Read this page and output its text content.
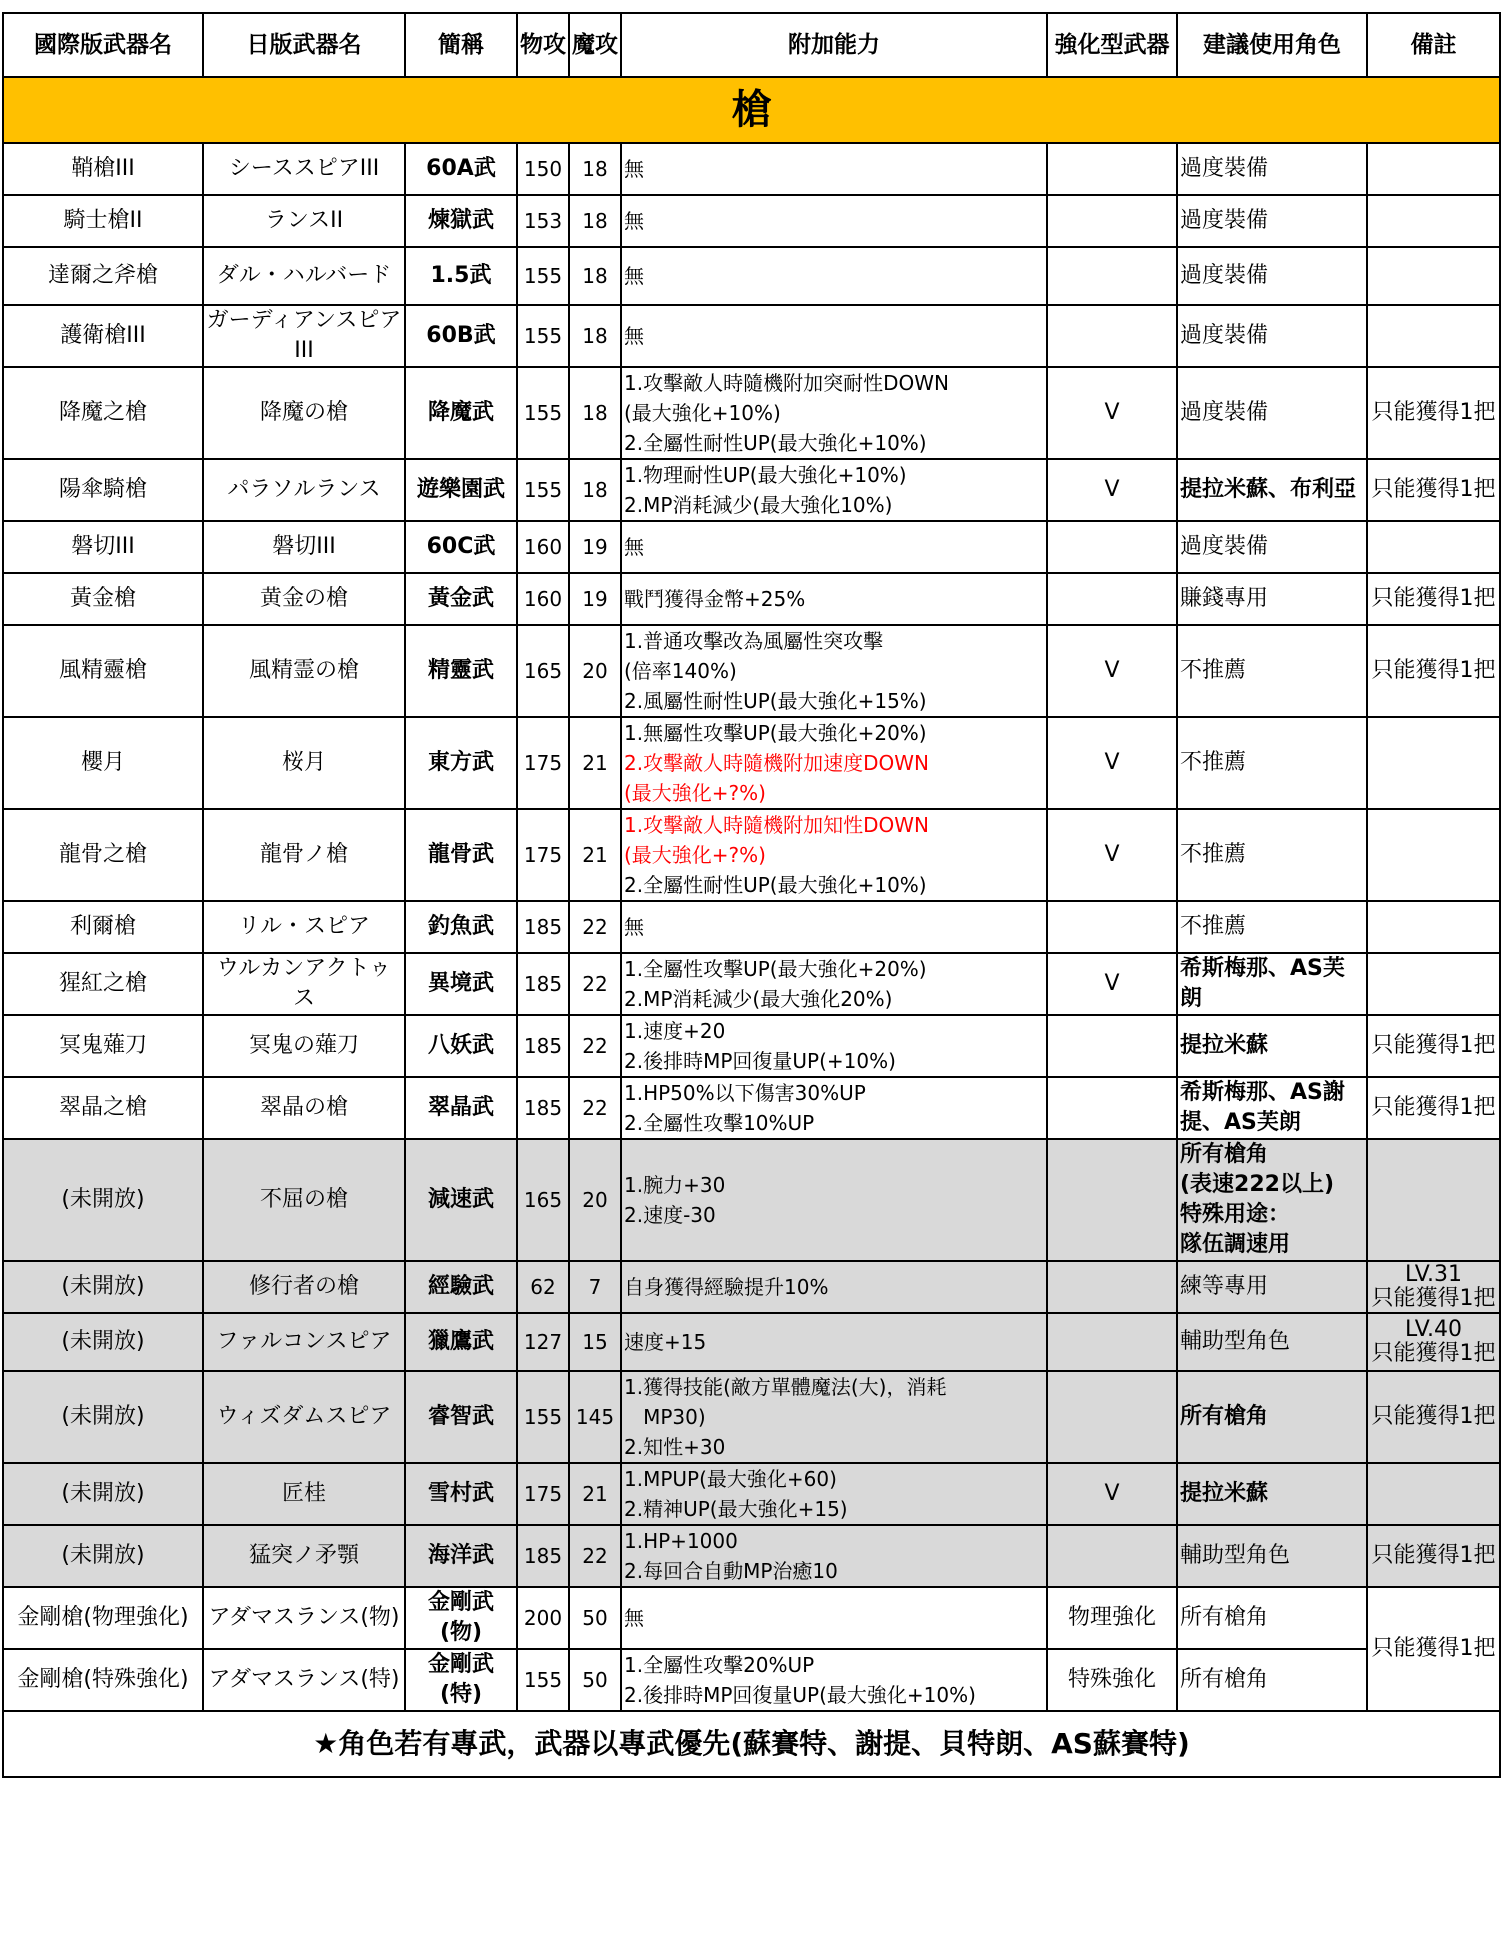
槍								
國際版武器名	日版武器名	簡稱	物攻	魔攻	附加能力	強化型武器	建議使用角色	備註
鞘槍III	シーススピアIII	60A武	150	18	無		過度裝備	
騎士槍II	ランスII	煉獄武	153	18	無		過度裝備	
達爾之斧槍	ダル・ハルバード	1.5武	155	18	無		過度裝備	
護衛槍III	ガーディアンスピアIII	60B武	155	18	無		過度裝備	
降魔之槍	降魔の槍	降魔武	155	18	1.攻擊敵人時隨機附加突耐性DOWN
(最大強化+10%)
2.全屬性耐性UP(最大強化+10%)	V	過度裝備	只能獲得1把
陽傘騎槍	パラソルランス	遊樂園武	155	18	1.物理耐性UP(最大強化+10%)
2.MP消耗減少(最大強化10%)	V	提拉米蘇、布利亞	只能獲得1把
磐切III	磐切III	60C武	160	19	無		過度裝備	
黃金槍	黄金の槍	黃金武	160	19	戰鬥獲得金幣+25%		賺錢專用	只能獲得1把
風精靈槍	風精霊の槍	精靈武	165	20	1.普通攻擊改為風屬性突攻擊
(倍率140%)
2.風屬性耐性UP(最大強化+15%)	V	不推薦	只能獲得1把
櫻月	桜月	東方武	175	21	1.無屬性攻擊UP(最大強化+20%)
2.攻擊敵人時隨機附加速度DOWN
(最大強化+?%)	V	不推薦	
龍骨之槍	龍骨ノ槍	龍骨武	175	21	1.攻擊敵人時隨機附加知性DOWN
(最大強化+?%)
2.全屬性耐性UP(最大強化+10%)	V	不推薦	
利爾槍	リル・スピア	釣魚武	185	22	無		不推薦	
猩紅之槍	ウルカンアクトゥス	異境武	185	22	1.全屬性攻擊UP(最大強化+20%)
2.MP消耗減少(最大強化20%)	V	希斯梅那、AS芙朗	
冥鬼薙刀	冥鬼の薙刀	八妖武	185	22	1.速度+20
2.後排時MP回復量UP(+10%)		提拉米蘇	只能獲得1把
翠晶之槍	翠晶の槍	翠晶武	185	22	1.HP50%以下傷害30%UP
2.全屬性攻擊10%UP		希斯梅那、AS謝提、AS芙朗	只能獲得1把
(未開放)	不屈の槍	減速武	165	20	1.腕力+30
2.速度-30		所有槍角
(表速222以上)
特殊用途：
隊伍調速用	

(未開放)	修行者の槍	經驗武	62	7	自身獲得經驗提升10%		練等專用	LV.31
只能獲得1把

(未開放)	ファルコンスピア	獵鷹武	127	15	速度+15		輔助型角色	LV.40
只能獲得1把

(未開放)	ウィズダムスピア	睿智武	155	145	1.獲得技能(敵方單體魔法(大)，消耗
MP30)
2.知性+30		所有槍角	只能獲得1把
(未開放)	匠桂	雪村武	175	21	1.MPUP(最大強化+60)
2.精神UP(最大強化+15)	V	提拉米蘇	
(未開放)	猛突ノ矛顎	海洋武	185	22	1.HP+1000
2.每回合自動MP治癒10		輔助型角色	只能獲得1把
金剛槍(物理強化)	アダマスランス(物)	金剛武(物)	200	50	無	物理強化	所有槍角	只能獲得1把
金剛槍(特殊強化)	アダマスランス(特)	金剛武(特)	155	50	1.全屬性攻擊20%UP
2.後排時MP回復量UP(最大強化+10%)	特殊強化	所有槍角	
★角色若有專武，武器以專武優先(蘇賽特、謝提、貝特朗、AS蘇賽特)								
